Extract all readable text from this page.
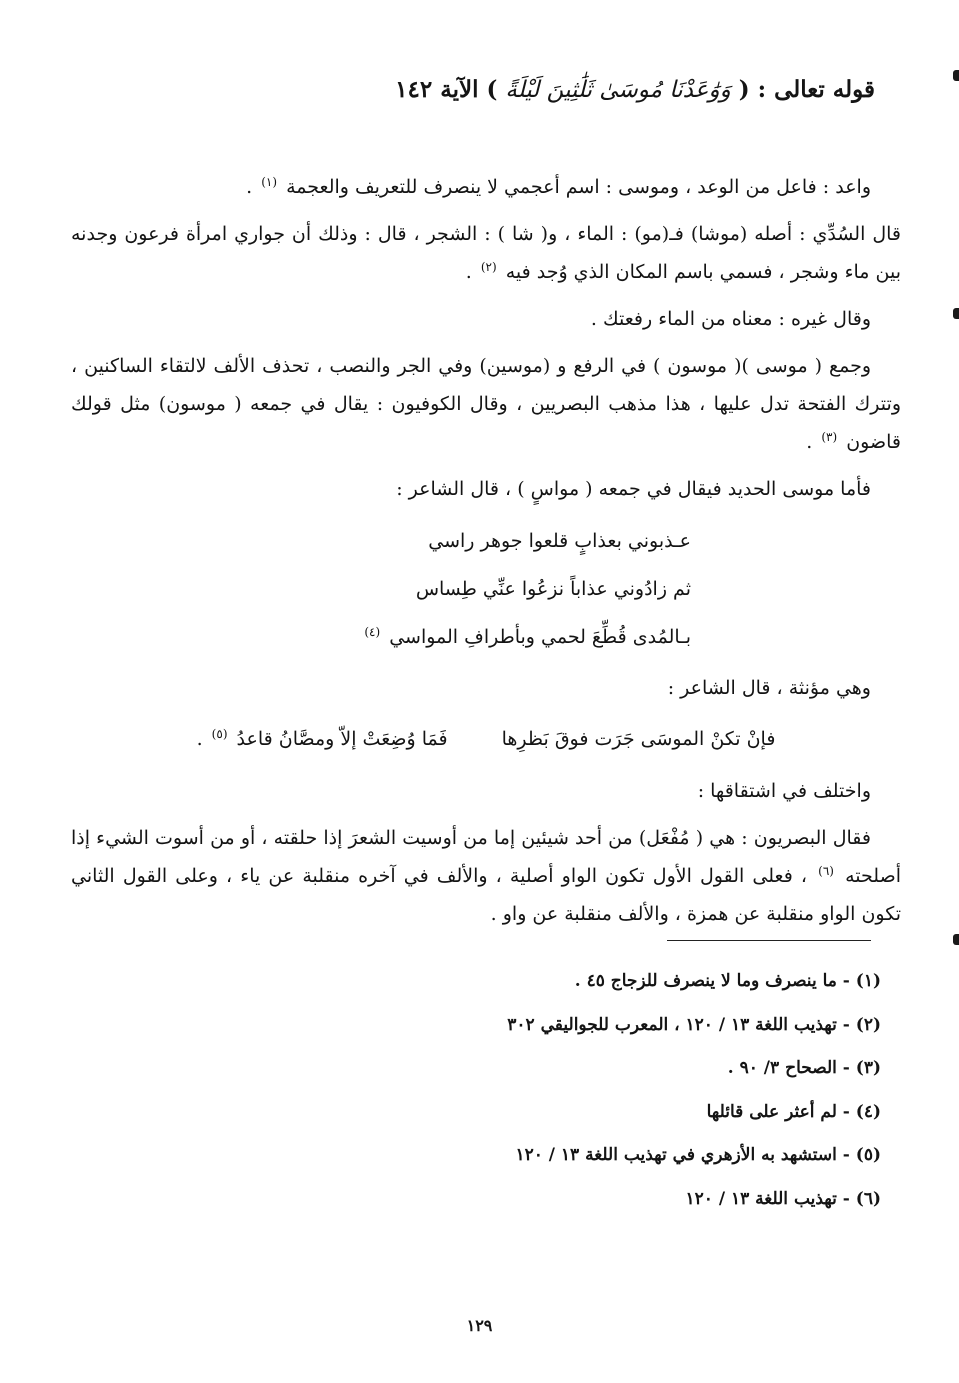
قوله تعالى : ( وَوَٰعَدْنَا مُوسَىٰ ثَلَٰثِينَ لَيْلَةً ) الآية ١٤٢

واعد : فاعل من الوعد ، وموسى : اسم أعجمي لا ينصرف للتعريف والعجمة $^{(١)}$ .

قال السُدِّي : أصله (موشا) فـ(مو) : الماء ، و( شا ) : الشجر ، قال : وذلك أن جواري امرأة فرعون وجدنه بين ماء وشجر ، فسمي باسم المكان الذي وُجد فيه $^{(٢)}$ .

وقال غيره : معناه من الماء رفعتك .

وجمع ( موسى )( موسون ) في الرفع و (موسين) وفي الجر والنصب ، تحذف الألف لالتقاء الساكنين ، وتترك الفتحة تدل عليها ، هذا مذهب البصريين ، وقال الكوفيون : يقال في جمعه ( موسون) مثل قولك قاضون $^{(٣)}$ .

فأما موسى الحديد فيقال في جمعه ( مواسٍ ) ، قال الشاعر :

عـذبوني بعذابٍ قلعوا جوهر راسي
ثم زادُوني عذاباً نزعُوا عنِّي طِساس
بـالمُدى قُطِّعَ لحمي وبأطرافِ المواسي $^{(٤)}$

وهي مؤنثة ، قال الشاعر :

فإنْ تكنْ الموسَى جَرَت فوقَ بَظرِها فَمَا وُضِعَتْ إلاّ ومصَّانُ قاعدُ $^{(٥)}$ .

واختلف في اشتقاقها :

فقال البصريون : هي ( مُفْعَل) من أحد شيئين إما من أوسيت الشعرَ إذا حلقته ، أو من أسوت الشيء إذا أصلحته $^{(٦)}$ ، فعلى القول الأول تكون الواو أصلية ، والألف في آخره منقلبة عن ياء ، وعلى القول الثاني تكون الواو منقلبة عن همزة ، والألف منقلبة عن واو .

(١) - ما ينصرف وما لا ينصرف للزجاج ٤٥ .
(٢) - تهذيب اللغة ١٣ / ١٢٠ ، المعرب للجواليقي ٣٠٢
(٣) - الصحاح ٣/ ٩٠ .
(٤) - لم أعثر على قائلها
(٥) - استشهد به الأزهري في تهذيب اللغة ١٣ / ١٢٠
(٦) - تهذيب اللغة ١٣ / ١٢٠
١٢٩
